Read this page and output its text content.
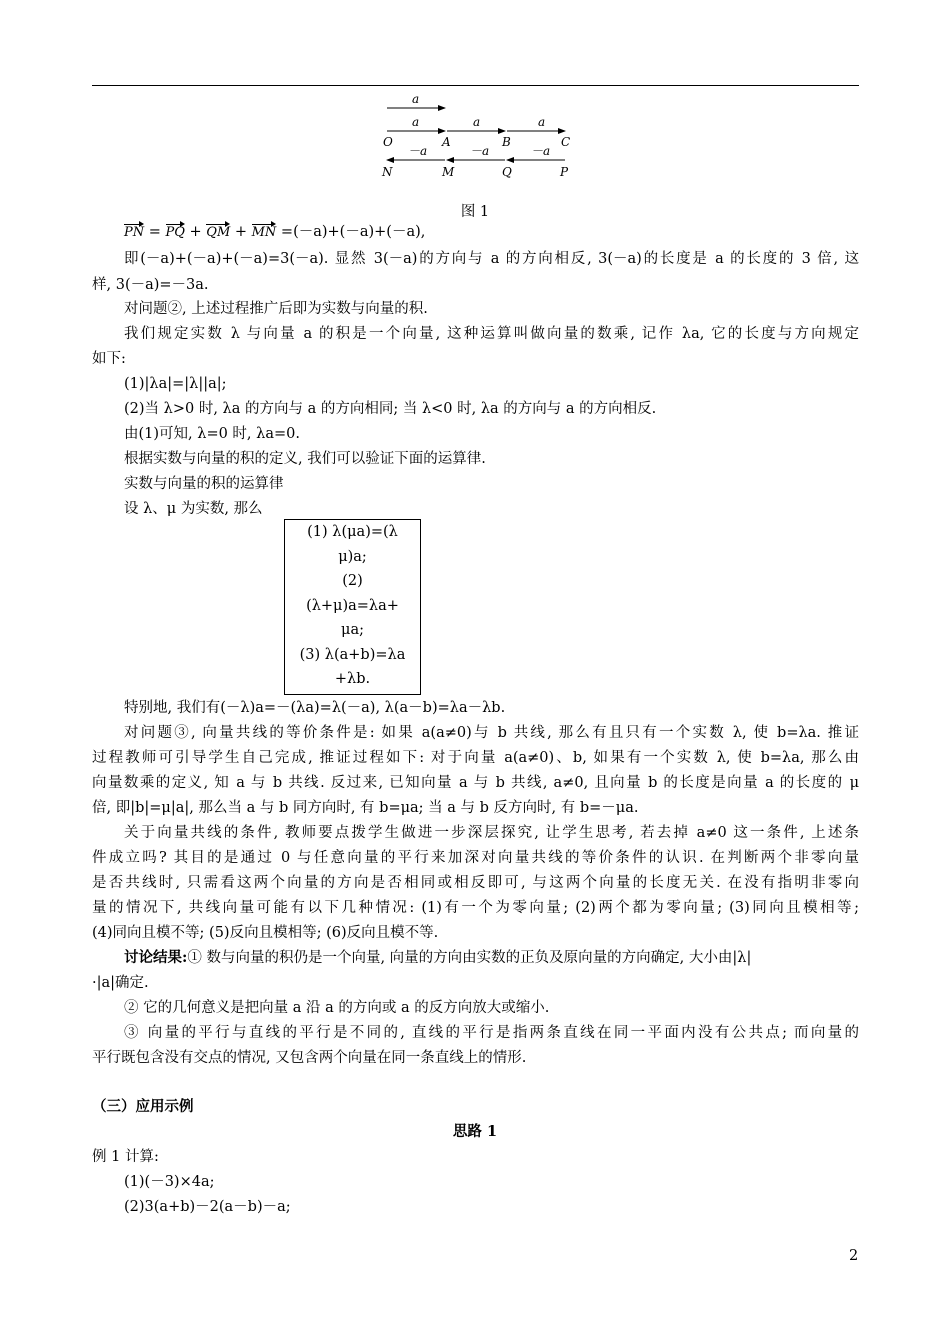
a
a	a	a
O	A	B	C
－a	－a	－a
N	M	Q	P
图 1
PN = PQ + QM + MN =(－a)+(－a)+(－a),
即(－a)+(－a)+(－a)=3(－a). 显然 3(－a)的方向与 a 的方向相反, 3(－a)的长度是 a 的长度的 3 倍, 这
样, 3(－a)=－3a.
对问题②, 上述过程推广后即为实数与向量的积.
我们规定实数 λ 与向量 a 的积是一个向量, 这种运算叫做向量的数乘, 记作 λa, 它的长度与方向规定
如下:
(1)|λa|=|λ||a|;
(2)当 λ>0 时, λa 的方向与 a 的方向相同; 当 λ<0 时, λa 的方向与 a 的方向相反.
由(1)可知, λ=0 时, λa=0.
根据实数与向量的积的定义, 我们可以验证下面的运算律.
实数与向量的积的运算律
设 λ、μ 为实数, 那么
(1) λ(μa)=(λ
μ)a;
(2)
(λ+μ)a=λa+
μa;
(3) λ(a+b)=λa
+λb.
特别地, 我们有(－λ)a=－(λa)=λ(－a), λ(a－b)=λa－λb.
对问题③, 向量共线的等价条件是: 如果 a(a≠0)与 b 共线, 那么有且只有一个实数 λ, 使 b=λa. 推证
过程教师可引导学生自己完成, 推证过程如下: 对于向量 a(a≠0)、b, 如果有一个实数 λ, 使 b=λa, 那么由
向量数乘的定义, 知 a 与 b 共线. 反过来, 已知向量 a 与 b 共线, a≠0, 且向量 b 的长度是向量 a 的长度的 μ
倍, 即|b|=μ|a|, 那么当 a 与 b 同方向时, 有 b=μa; 当 a 与 b 反方向时, 有 b=－μa.
关于向量共线的条件, 教师要点拨学生做进一步深层探究, 让学生思考, 若去掉 a≠0 这一条件, 上述条
件成立吗? 其目的是通过 0 与任意向量的平行来加深对向量共线的等价条件的认识. 在判断两个非零向量
是否共线时, 只需看这两个向量的方向是否相同或相反即可, 与这两个向量的长度无关. 在没有指明非零向
量的情况下, 共线向量可能有以下几种情况: (1)有一个为零向量; (2)两个都为零向量; (3)同向且模相等;
(4)同向且模不等; (5)反向且模相等; (6)反向且模不等.
讨论结果:① 数与向量的积仍是一个向量, 向量的方向由实数的正负及原向量的方向确定, 大小由|λ|
·|a|确定.
② 它的几何意义是把向量 a 沿 a 的方向或 a 的反方向放大或缩小.
③ 向量的平行与直线的平行是不同的, 直线的平行是指两条直线在同一平面内没有公共点; 而向量的
平行既包含没有交点的情况, 又包含两个向量在同一条直线上的情形.
（三）应用示例
思路 1
例 1 计算:
(1)(－3)×4a;
(2)3(a+b)－2(a－b)－a;
2
